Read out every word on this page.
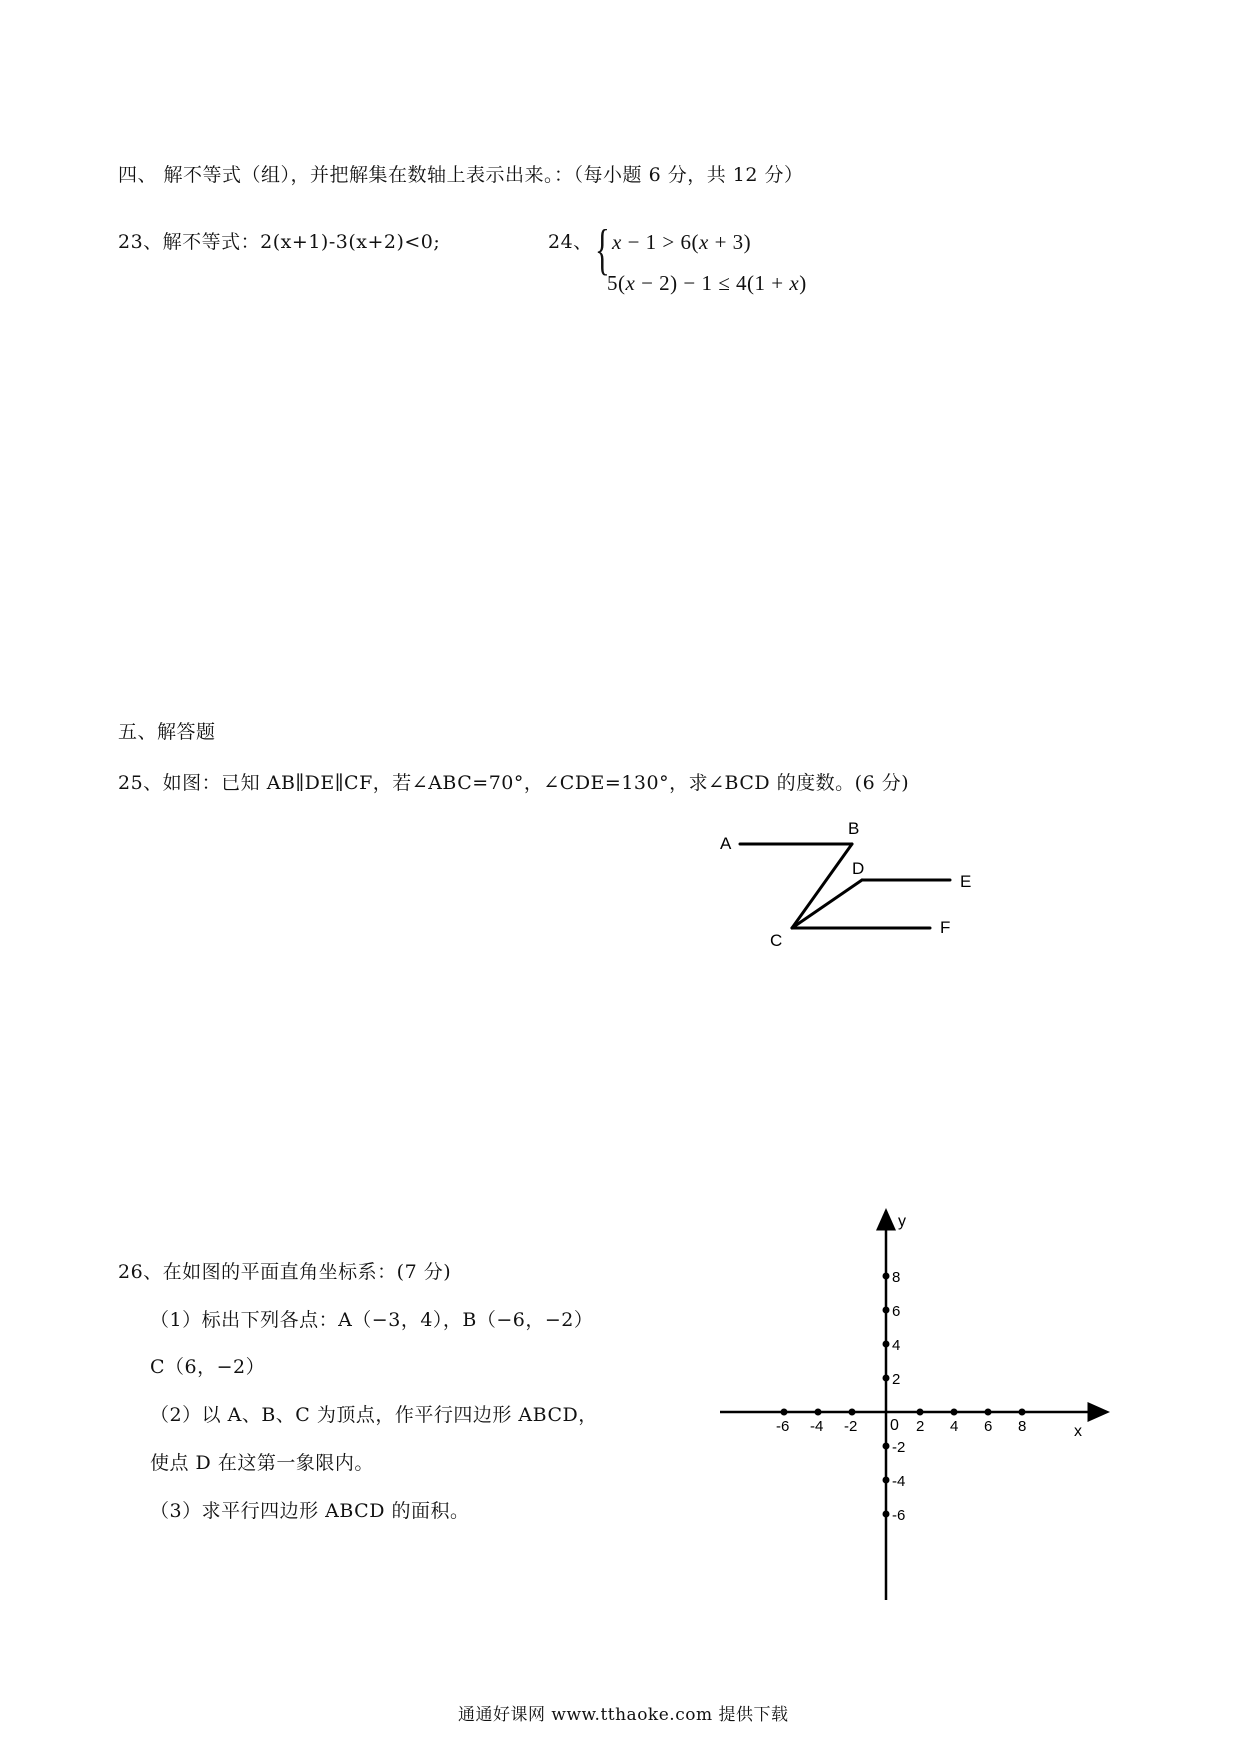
四、 解不等式（组），并把解集在数轴上表示出来。：（每小题 6 分，共 12 分）
23、解不等式：2(x+1)-3(x+2)<0;	24、 { x − 1 > 6(x + 3)
5(x − 2) − 1 ≤ 4(1 + x)
五、解答题
25、如图：已知 AB∥DE∥CF，若∠ABC=70°，∠CDE=130°，求∠BCD 的度数。(6 分)
A
B
D
E
C
F
26、在如图的平面直角坐标系：(7 分)
（1）标出下列各点：A（−3，4），B（−6，−2）
C（6，−2）
（2）以 A、B、C 为顶点，作平行四边形 ABCD，
使点 D 在这第一象限内。
（3）求平行四边形 ABCD 的面积。
x
y
0
-6 -4 -2	2 4 6 8
8
6
4
2
-2
-4
-6
通通好课网 www.tthaoke.com 提供下载
